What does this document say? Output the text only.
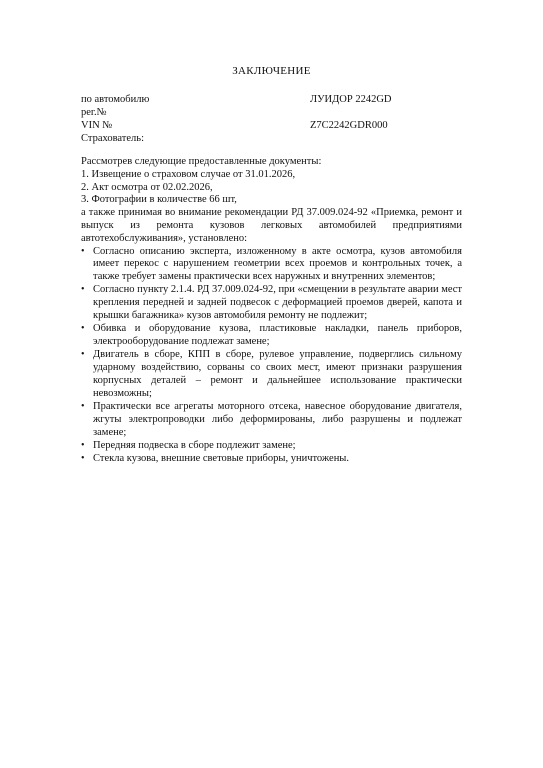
ЗАКЛЮЧЕНИЕ
по автомобилю	ЛУИДОР 2242GD
рег.№
VIN №	Z7C2242GDR000
Страхователь:

Рассмотрев следующие предоставленные документы:

1. Извещение о страховом случае от 31.01.2026,
2. Акт осмотра от 02.02.2026,
3. Фотографии в количестве 66 шт,

а также принимая во внимание рекомендации РД 37.009.024-92 «Приемка, ремонт и выпуск из ремонта кузовов легковых автомобилей предприятиями автотехобслуживания», установлено:

• Согласно описанию эксперта, изложенному в акте осмотра, кузов автомобиля имеет перекос с нарушением геометрии всех проемов и контрольных точек, а также требует замены практически всех наружных и внутренних элементов;
• Согласно пункту 2.1.4. РД 37.009.024-92, при «смещении в результате аварии мест крепления передней и задней подвесок с деформацией проемов дверей, капота и крышки багажника» кузов автомобиля ремонту не подлежит;
• Обивка и оборудование кузова, пластиковые накладки, панель приборов, электрооборудование подлежат замене;
• Двигатель в сборе, КПП в сборе, рулевое управление, подверглись сильному ударному воздействию, сорваны со своих мест, имеют признаки разрушения корпусных деталей – ремонт и дальнейшее использование практически невозможны;
• Практически все агрегаты моторного отсека, навесное оборудование двигателя, жгуты электропроводки либо деформированы, либо разрушены и подлежат замене;
• Передняя подвеска в сборе подлежит замене;
• Стекла кузова, внешние световые приборы, уничтожены.
